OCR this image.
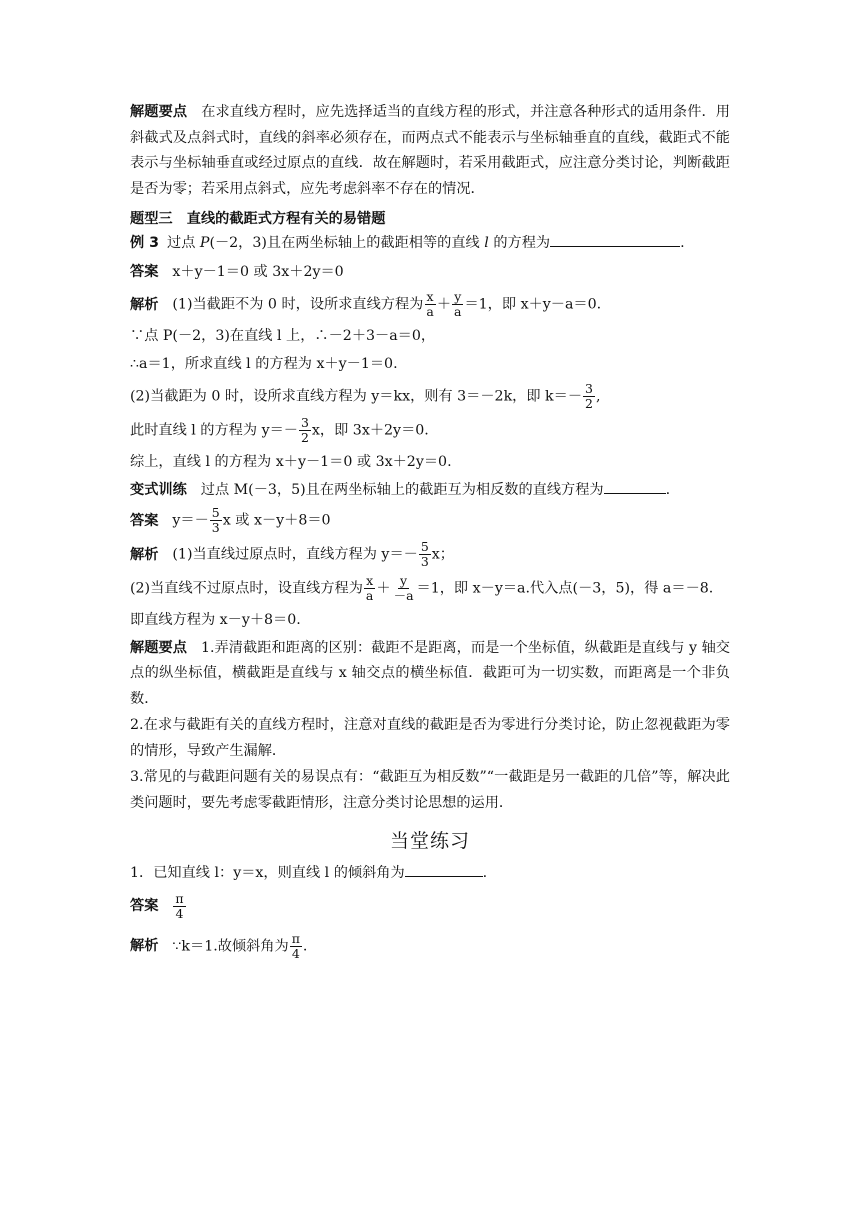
解题要点 在求直线方程时，应先选择适当的直线方程的形式，并注意各种形式的适用条件．用斜截式及点斜式时，直线的斜率必须存在，而两点式不能表示与坐标轴垂直的直线，截距式不能表示与坐标轴垂直或经过原点的直线．故在解题时，若采用截距式，应注意分类讨论，判断截距是否为零；若采用点斜式，应先考虑斜率不存在的情况．

题型三　直线的截距式方程有关的易错题
例 3 过点 P(－2，3)且在两坐标轴上的截距相等的直线 l 的方程为	.
答案 x＋y－1＝0 或 3x＋2y＝0
解析 (1)当截距不为 0 时，设所求直线方程为 $\frac{x}{a} + \frac{y}{a} =1$，即 x＋y－a＝0.
∵点 P(－2，3)在直线 l 上，∴－2＋3－a＝0，
∴a＝1，所求直线 l 的方程为 x＋y－1＝0.
(2)当截距为 0 时，设所求直线方程为 y＝kx，则有 3＝－2k，即 $k=- \frac{3}{2}$ ,
此时直线 l 的方程为 $y=- \frac{3}{2}$ x，即 3x＋2y＝0.
综上，直线 l 的方程为 x＋y－1＝0 或 3x＋2y＝0.
变式训练 过点 M(－3，5)且在两坐标轴上的截距互为相反数的直线方程为	.
答案 $y=- \frac{5}{3}$ x 或 x－y＋8＝0
解析 (1)当直线过原点时，直线方程为 $y=- \frac{5}{3}$ x；
(2)当直线不过原点时，设直线方程为 $\frac{x}{a} + \frac{y}{-a} =1$，即 x－y＝a.代入点(－3，5)，得 a＝－8.
即直线方程为 x－y＋8＝0.

解题要点 1.弄清截距和距离的区别：截距不是距离，而是一个坐标值，纵截距是直线与 y 轴交点的纵坐标值，横截距是直线与 x 轴交点的横坐标值．截距可为一切实数，而距离是一个非负数．

2.在求与截距有关的直线方程时，注意对直线的截距是否为零进行分类讨论，防止忽视截距为零的情形，导致产生漏解．

3.常见的与截距问题有关的易误点有：“截距互为相反数”“一截距是另一截距的几倍”等，解决此类问题时，要先考虑零截距情形，注意分类讨论思想的运用．

当堂练习
1．已知直线 l：y＝x，则直线 l 的倾斜角为	.
答案 $\frac{\pi}{4}$
解析 ∵k＝1.故倾斜角为 $\frac{\pi}{4}$ .
